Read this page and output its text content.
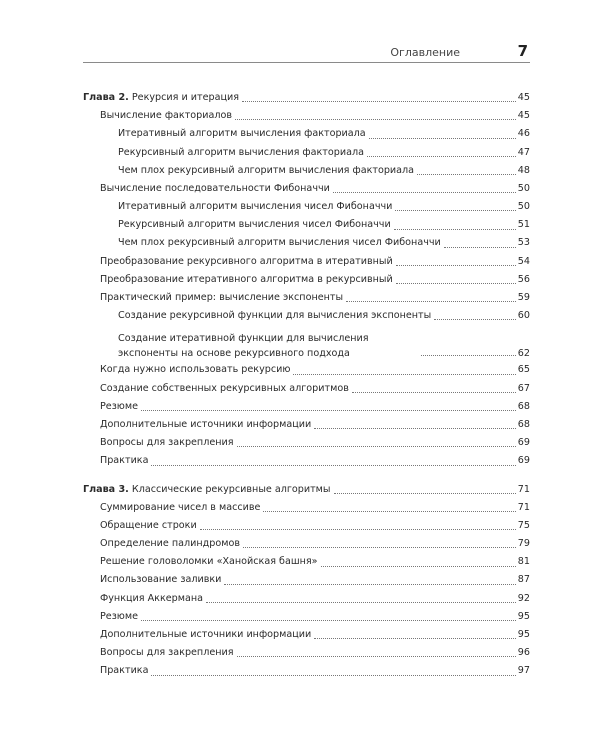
Оглавление	7
Глава 2. Рекурсия и итерация	45
Вычисление факториалов	45
Итеративный алгоритм вычисления факториала	46
Рекурсивный алгоритм вычисления факториала	47
Чем плох рекурсивный алгоритм вычисления факториала	48
Вычисление последовательности Фибоначчи	50
Итеративный алгоритм вычисления чисел Фибоначчи	50
Рекурсивный алгоритм вычисления чисел Фибоначчи	51
Чем плох рекурсивный алгоритм вычисления чисел Фибоначчи	53
Преобразование рекурсивного алгоритма в итеративный	54
Преобразование итеративного алгоритма в рекурсивный	56
Практический пример: вычисление экспоненты	59
Создание рекурсивной функции для вычисления экспоненты	60
Создание итеративной функции для вычисления экспоненты на основе рекурсивного подхода	62
Когда нужно использовать рекурсию	65
Создание собственных рекурсивных алгоритмов	67
Резюме	68
Дополнительные источники информации	68
Вопросы для закрепления	69
Практика	69
Глава 3. Классические рекурсивные алгоритмы	71
Суммирование чисел в массиве	71
Обращение строки	75
Определение палиндромов	79
Решение головоломки «Ханойская башня»	81
Использование заливки	87
Функция Аккермана	92
Резюме	95
Дополнительные источники информации	95
Вопросы для закрепления	96
Практика	97
